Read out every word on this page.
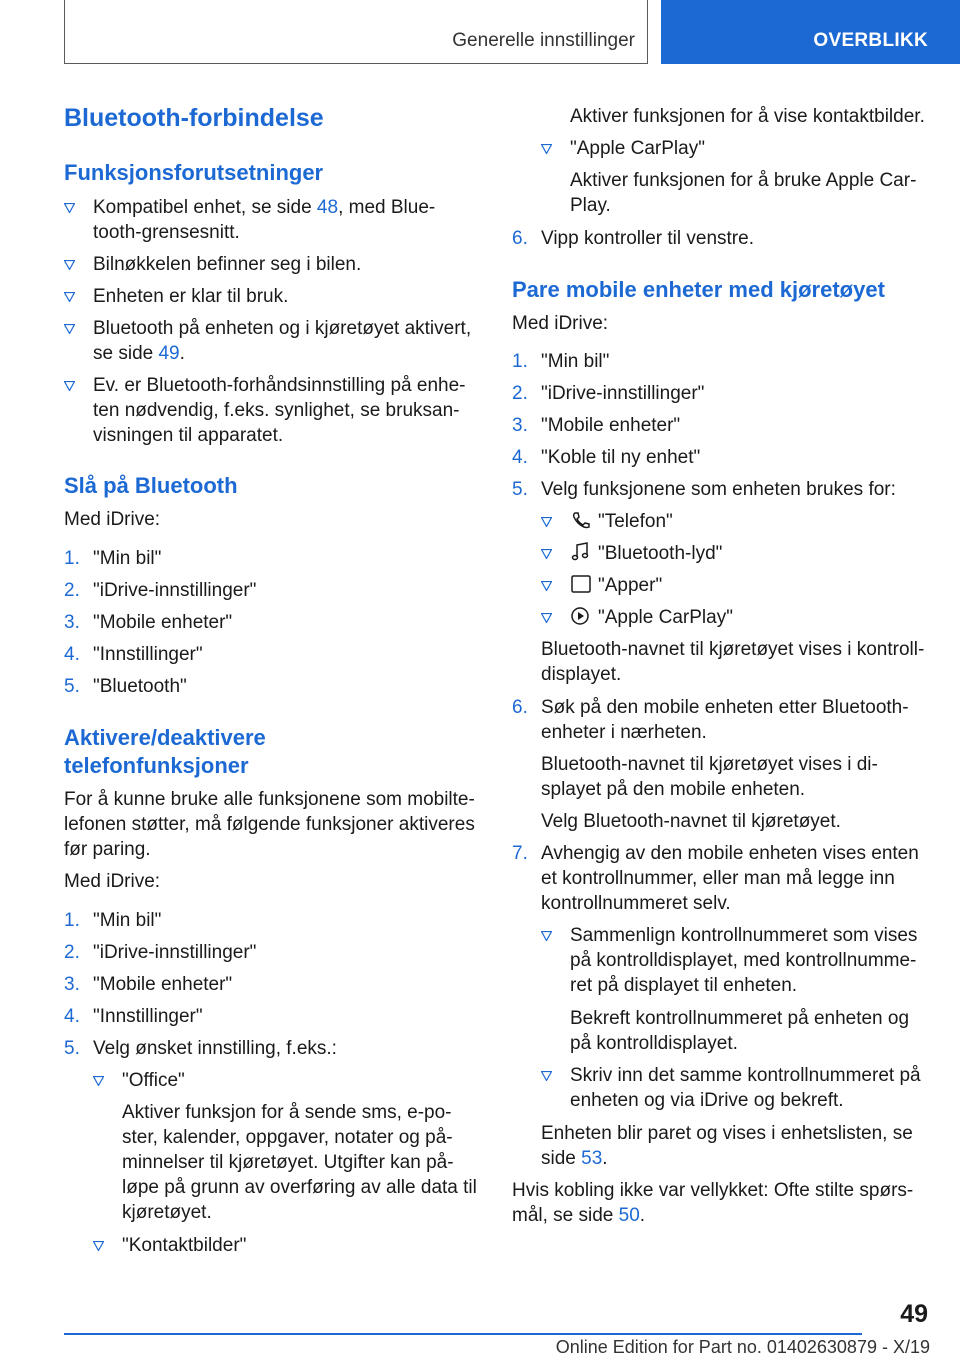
Generelle innstillinger	OVERBLIKK
Bluetooth-forbindelse
Funksjonsforutsetninger
Kompatibel enhet, se side 48, med Blue-
tooth-grensesnitt.
Bilnøkkelen befinner seg i bilen.
Enheten er klar til bruk.
Bluetooth på enheten og i kjøretøyet aktivert,
se side 49.
Ev. er Bluetooth-forhåndsinnstilling på enhe-
ten nødvendig, f.eks. synlighet, se bruksan-
visningen til apparatet.
Slå på Bluetooth
Med iDrive:
1. "Min bil"
2. "iDrive-innstillinger"
3. "Mobile enheter"
4. "Innstillinger"
5. "Bluetooth"
Aktivere/deaktivere
telefonfunksjoner
For å kunne bruke alle funksjonene som mobilte-
lefonen støtter, må følgende funksjoner aktiveres
før paring.
Med iDrive:
1. "Min bil"
2. "iDrive-innstillinger"
3. "Mobile enheter"
4. "Innstillinger"
5. Velg ønsket innstilling, f.eks.:
"Office"
Aktiver funksjon for å sende sms, e-po-
ster, kalender, oppgaver, notater og på-
minnelser til kjøretøyet. Utgifter kan på-
løpe på grunn av overføring av alle data til
kjøretøyet.
"Kontaktbilder"
Aktiver funksjonen for å vise kontaktbilder.
"Apple CarPlay"
Aktiver funksjonen for å bruke Apple Car-
Play.
6. Vipp kontroller til venstre.
Pare mobile enheter med kjøretøyet
Med iDrive:
1. "Min bil"
2. "iDrive-innstillinger"
3. "Mobile enheter"
4. "Koble til ny enhet"
5. Velg funksjonene som enheten brukes for:
"Telefon"
"Bluetooth-lyd"
"Apper"
"Apple CarPlay"
Bluetooth-navnet til kjøretøyet vises i kontroll-
displayet.
6. Søk på den mobile enheten etter Bluetooth-
enheter i nærheten.
Bluetooth-navnet til kjøretøyet vises i di-
splayet på den mobile enheten.
Velg Bluetooth-navnet til kjøretøyet.
7. Avhengig av den mobile enheten vises enten
et kontrollnummer, eller man må legge inn
kontrollnummeret selv.
Sammenlign kontrollnummeret som vises
på kontrolldisplayet, med kontrollnumme-
ret på displayet til enheten.
Bekreft kontrollnummeret på enheten og
på kontrolldisplayet.
Skriv inn det samme kontrollnummeret på
enheten og via iDrive og bekreft.
Enheten blir paret og vises i enhetslisten, se
side 53.
Hvis kobling ikke var vellykket: Ofte stilte spørs-
mål, se side 50.
49
Online Edition for Part no. 01402630879 - X/19
